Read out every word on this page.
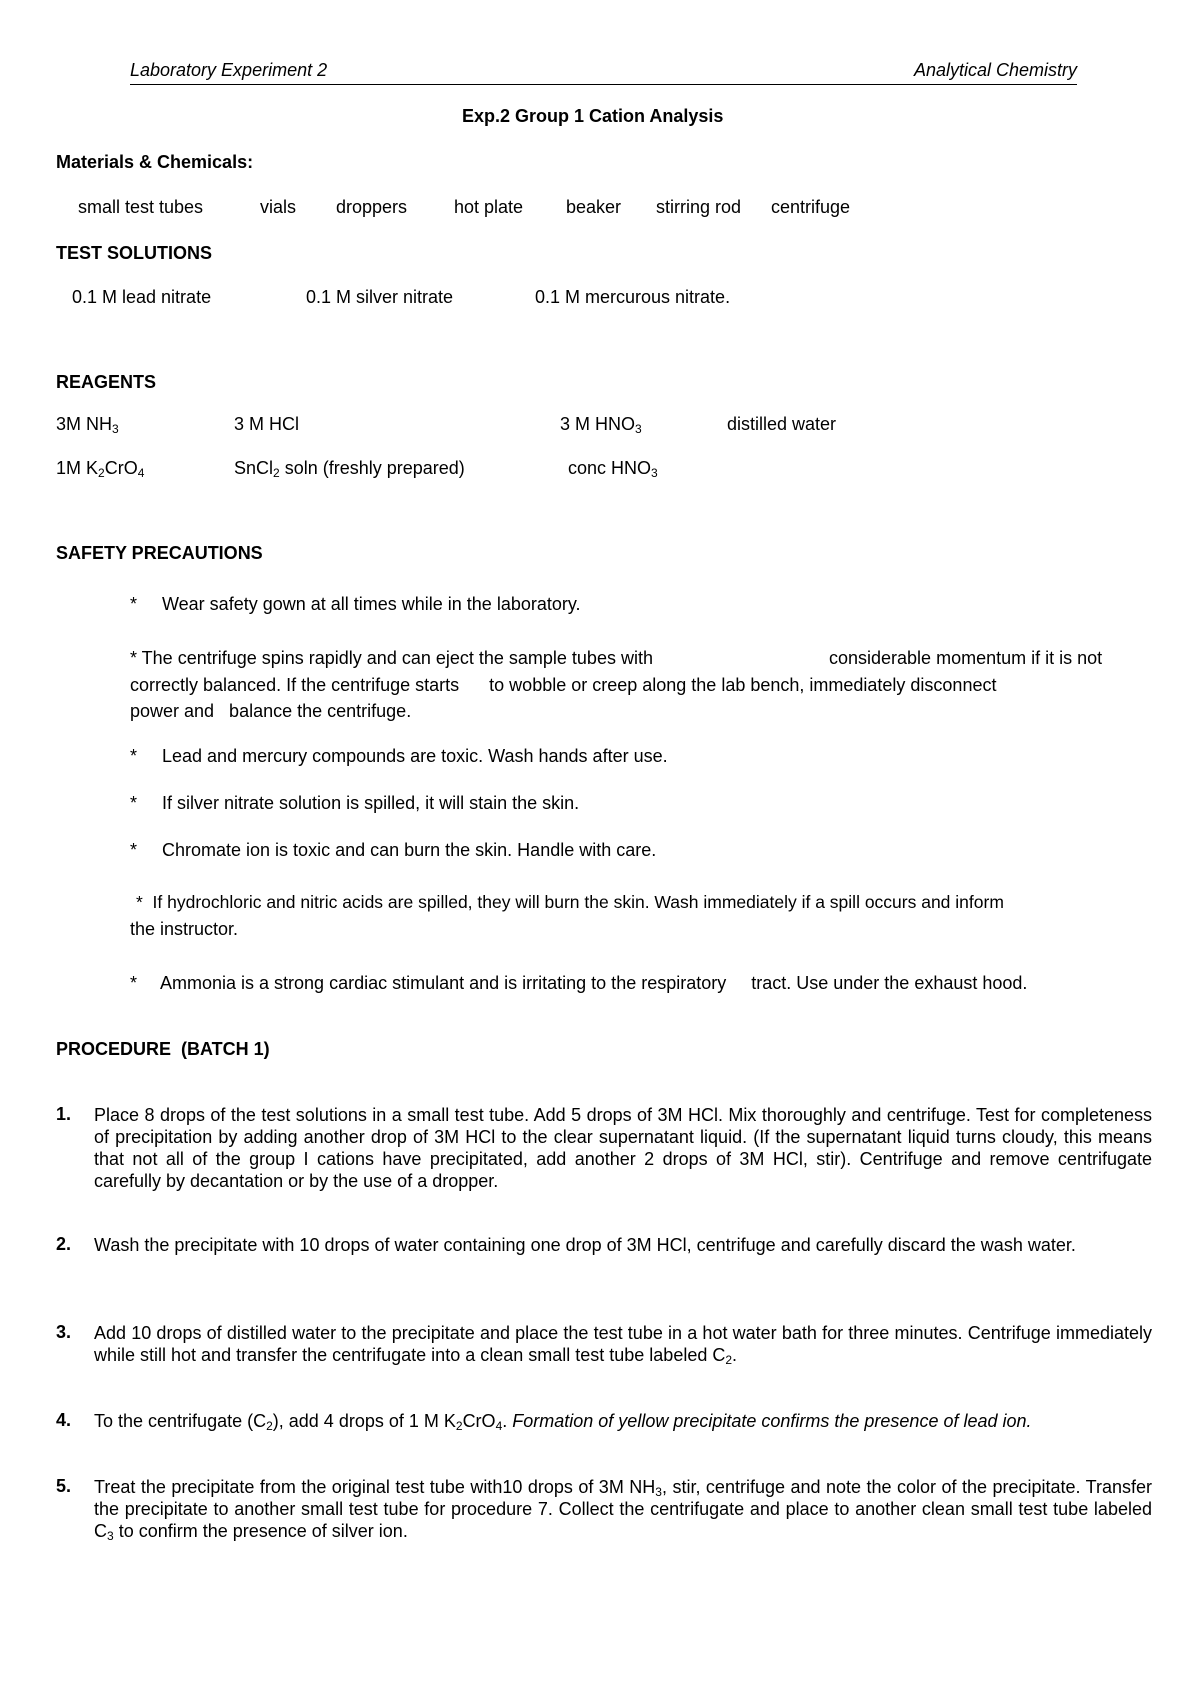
Laboratory Experiment 2	Analytical Chemistry
Exp.2 Group 1 Cation Analysis
Materials & Chemicals:
small test tubes	vials droppers	hot plate beaker stirring rod centrifuge
TEST SOLUTIONS
0.1 M lead nitrate	0.1 M silver nitrate	0.1 M mercurous nitrate.
REAGENTS
3M $NH_3$	3 M HCl	3 M $HNO_3$	distilled water
1M $K_2CrO_4$	SnCl$_2$ soln (freshly prepared)	conc $HNO_3$
SAFETY PRECAUTIONS
* Wear safety gown at all times while in the laboratory.
* The centrifuge spins rapidly and can eject the sample tubes with	considerable momentum if it is not
correctly balanced. If the centrifuge starts      to wobble or creep along the lab bench, immediately disconnect
power and   balance the centrifuge.
* Lead and mercury compounds are toxic. Wash hands after use.
* If silver nitrate solution is spilled, it will stain the skin.
* Chromate ion is toxic and can burn the skin. Handle with care.
*  If hydrochloric and nitric acids are spilled, they will burn the skin. Wash immediately if a spill occurs and inform
the instructor.
* Ammonia is a strong cardiac stimulant and is irritating to the respiratory     tract. Use under the exhaust hood.
PROCEDURE  (BATCH 1)
1. Place 8 drops of the test solutions in a small test tube. Add 5 drops of 3M HCl. Mix thoroughly and centrifuge. Test for completeness of precipitation by adding another drop of 3M HCl to the clear supernatant liquid. (If the supernatant liquid turns cloudy, this means that not all of the group I cations have precipitated, add another 2 drops of 3M HCl, stir). Centrifuge and remove centrifugate carefully by decantation or by the use of a dropper.
2. Wash the precipitate with 10 drops of water containing one drop of 3M HCl, centrifuge and carefully discard the wash water.
3. Add 10 drops of distilled water to the precipitate and place the test tube in a hot water bath for three minutes. Centrifuge immediately while still hot and transfer the centrifugate into a clean small test tube labeled $C_2$.
4. To the centrifugate $(C_2)$, add 4 drops of 1 M $K_2CrO_4$. Formation of yellow precipitate confirms the presence of lead ion.
5. Treat the precipitate from the original test tube with10 drops of 3M $NH_3$, stir, centrifuge and note the color of the precipitate. Transfer the precipitate to another small test tube for procedure 7. Collect the centrifugate and place to another clean small test tube labeled $C_3$ to confirm the presence of silver ion.
